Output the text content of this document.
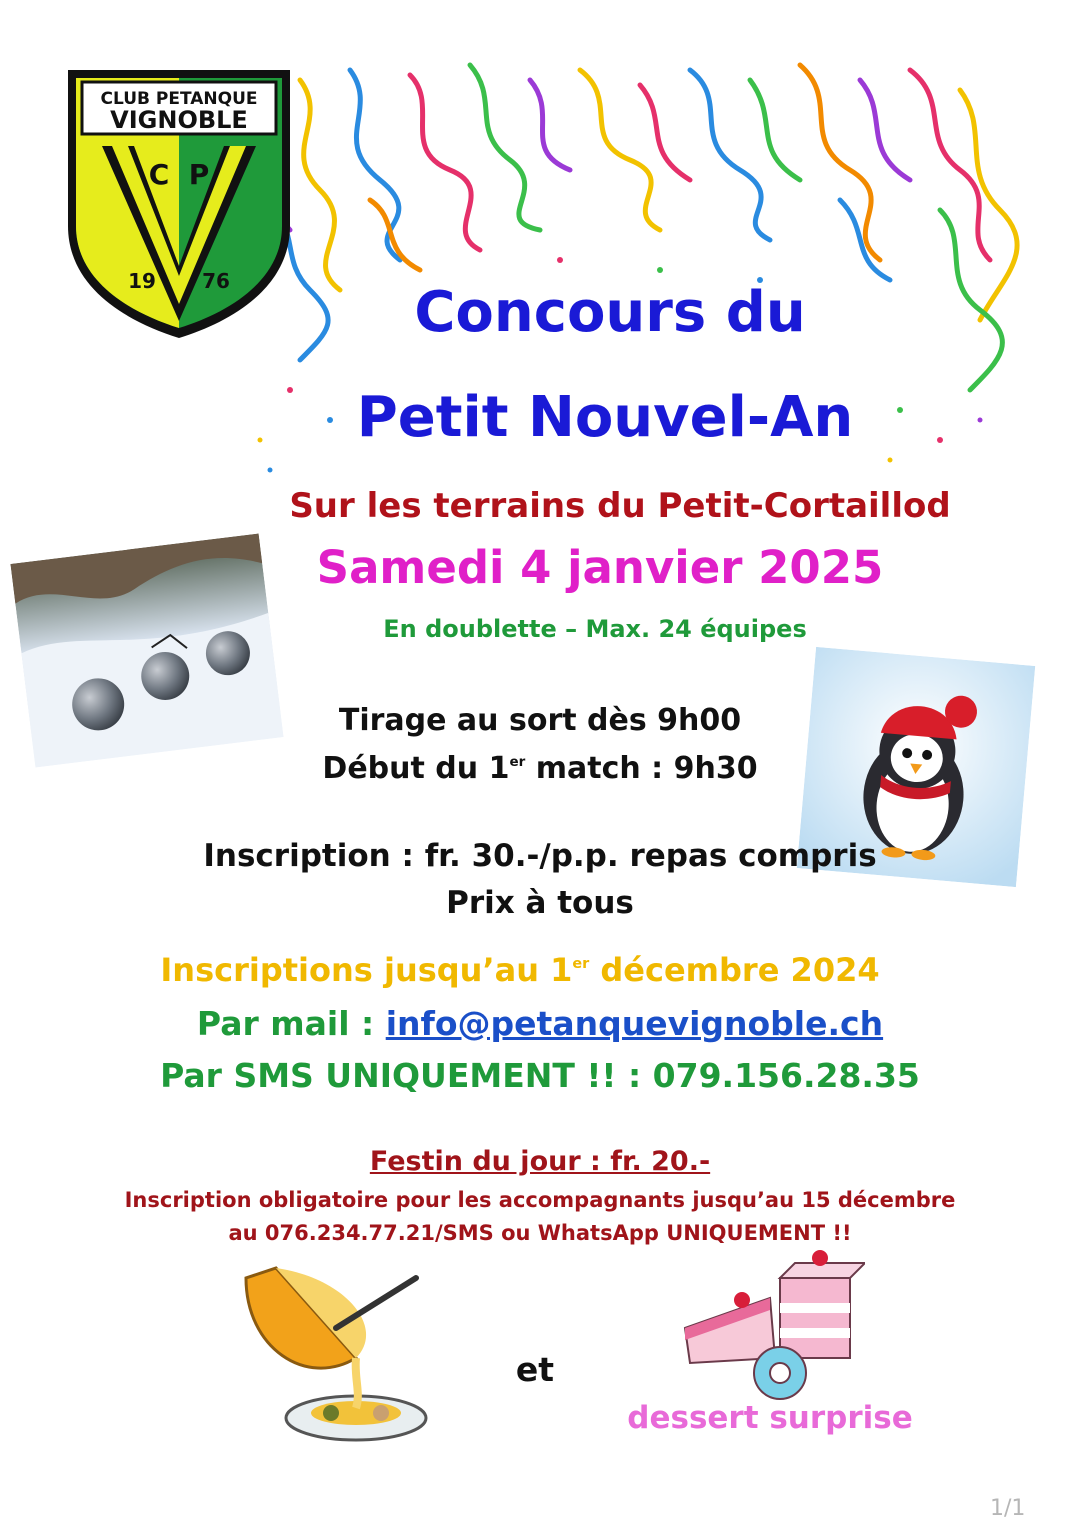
CLUB PETANQUE
VIGNOBLE
C P
19 76	Concours du
Petit Nouvel-An
Sur les terrains du Petit-Cortaillod
Samedi 4 janvier 2025
En doublette – Max. 24 équipes
Tirage au sort dès 9h00
Début du 1er match : 9h30
Inscription : fr. 30.-/p.p. repas compris
Prix à tous
Inscriptions jusqu’au 1er décembre 2024
Par mail : info@petanquevignoble.ch
Par SMS UNIQUEMENT !! : 079.156.28.35
Festin du jour : fr. 20.-
Inscription obligatoire pour les accompagnants jusqu’au 15 décembre
au 076.234.77.21/SMS ou WhatsApp UNIQUEMENT !!
et
dessert surprise
1/1
